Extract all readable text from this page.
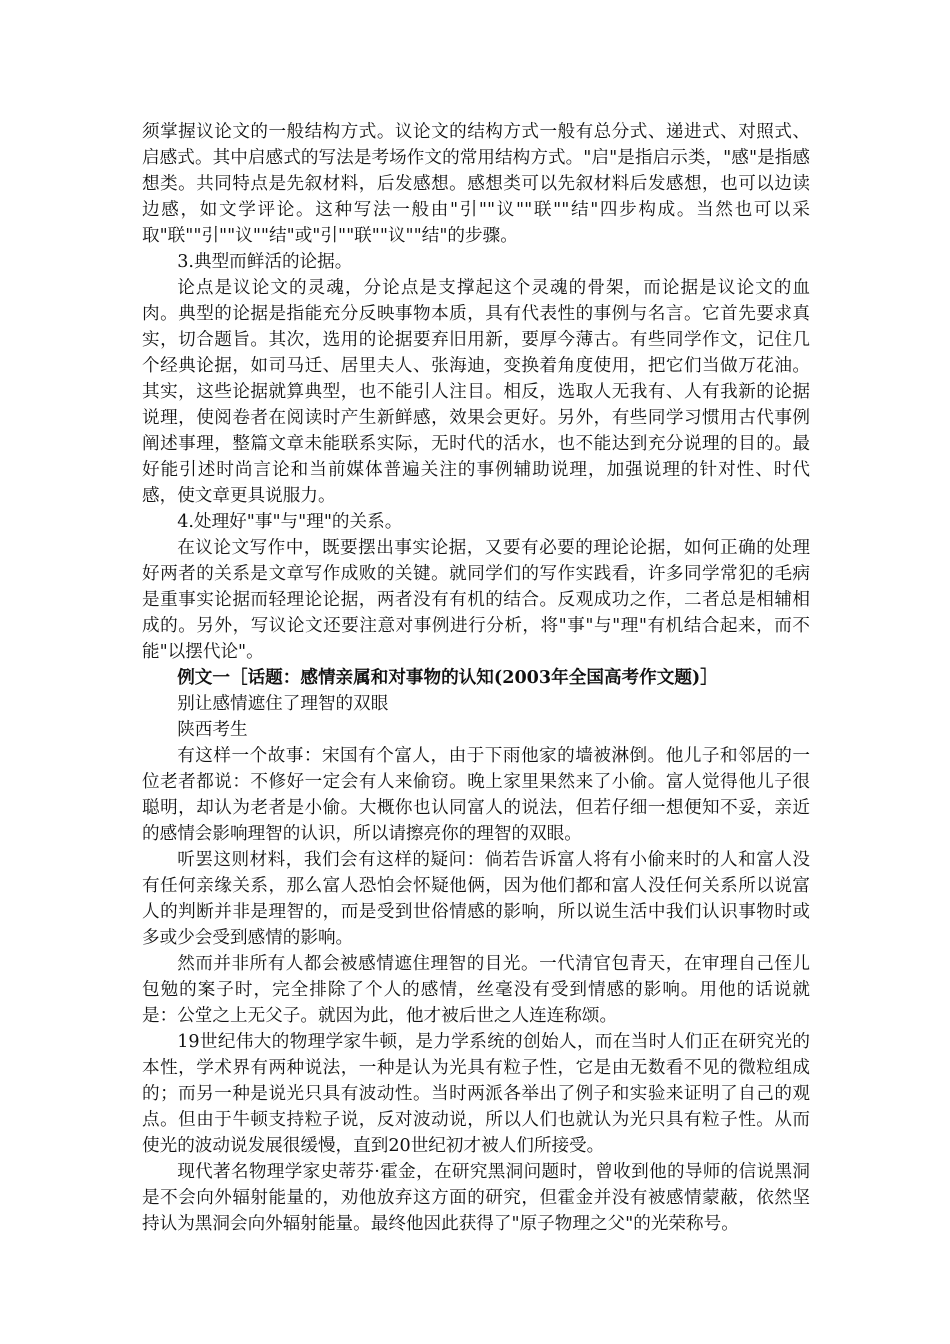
须掌握议论文的一般结构方式。议论文的结构方式一般有总分式、递进式、对照式、启感式。其中启感式的写法是考场作文的常用结构方式。"启"是指启示类，"感"是指感想类。共同特点是先叙材料，后发感想。感想类可以先叙材料后发感想，也可以边读边感，如文学评论。这种写法一般由"引""议""联""结"四步构成。当然也可以采取"联""引""议""结"或"引""联""议""结"的步骤。

3.典型而鲜活的论据。

论点是议论文的灵魂，分论点是支撑起这个灵魂的骨架，而论据是议论文的血肉。典型的论据是指能充分反映事物本质，具有代表性的事例与名言。它首先要求真实，切合题旨。其次，选用的论据要弃旧用新，要厚今薄古。有些同学作文，记住几个经典论据，如司马迁、居里夫人、张海迪，变换着角度使用，把它们当做万花油。其实，这些论据就算典型，也不能引人注目。相反，选取人无我有、人有我新的论据说理，使阅卷者在阅读时产生新鲜感，效果会更好。另外，有些同学习惯用古代事例阐述事理，整篇文章未能联系实际，无时代的活水，也不能达到充分说理的目的。最好能引述时尚言论和当前媒体普遍关注的事例辅助说理，加强说理的针对性、时代感，使文章更具说服力。

4.处理好"事"与"理"的关系。

在议论文写作中，既要摆出事实论据，又要有必要的理论论据，如何正确的处理好两者的关系是文章写作成败的关键。就同学们的写作实践看，许多同学常犯的毛病是重事实论据而轻理论论据，两者没有有机的结合。反观成功之作，二者总是相辅相成的。另外，写议论文还要注意对事例进行分析，将"事"与"理"有机结合起来，而不能"以摆代论"。

例文一［话题：感情亲属和对事物的认知(2003年全国高考作文题)］

别让感情遮住了理智的双眼

陕西考生

有这样一个故事：宋国有个富人，由于下雨他家的墙被淋倒。他儿子和邻居的一位老者都说：不修好一定会有人来偷窃。晚上家里果然来了小偷。富人觉得他儿子很聪明，却认为老者是小偷。大概你也认同富人的说法，但若仔细一想便知不妥，亲近的感情会影响理智的认识，所以请擦亮你的理智的双眼。

听罢这则材料，我们会有这样的疑问：倘若告诉富人将有小偷来时的人和富人没有任何亲缘关系，那么富人恐怕会怀疑他俩，因为他们都和富人没任何关系所以说富人的判断并非是理智的，而是受到世俗情感的影响，所以说生活中我们认识事物时或多或少会受到感情的影响。

然而并非所有人都会被感情遮住理智的目光。一代清官包青天，在审理自己侄儿包勉的案子时，完全排除了个人的感情，丝毫没有受到情感的影响。用他的话说就是：公堂之上无父子。就因为此，他才被后世之人连连称颂。

19世纪伟大的物理学家牛顿，是力学系统的创始人，而在当时人们正在研究光的本性，学术界有两种说法，一种是认为光具有粒子性，它是由无数看不见的微粒组成的；而另一种是说光只具有波动性。当时两派各举出了例子和实验来证明了自己的观点。但由于牛顿支持粒子说，反对波动说，所以人们也就认为光只具有粒子性。从而使光的波动说发展很缓慢，直到20世纪初才被人们所接受。

现代著名物理学家史蒂芬·霍金，在研究黑洞问题时，曾收到他的导师的信说黑洞是不会向外辐射能量的，劝他放弃这方面的研究，但霍金并没有被感情蒙蔽，依然坚持认为黑洞会向外辐射能量。最终他因此获得了"原子物理之父"的光荣称号。
